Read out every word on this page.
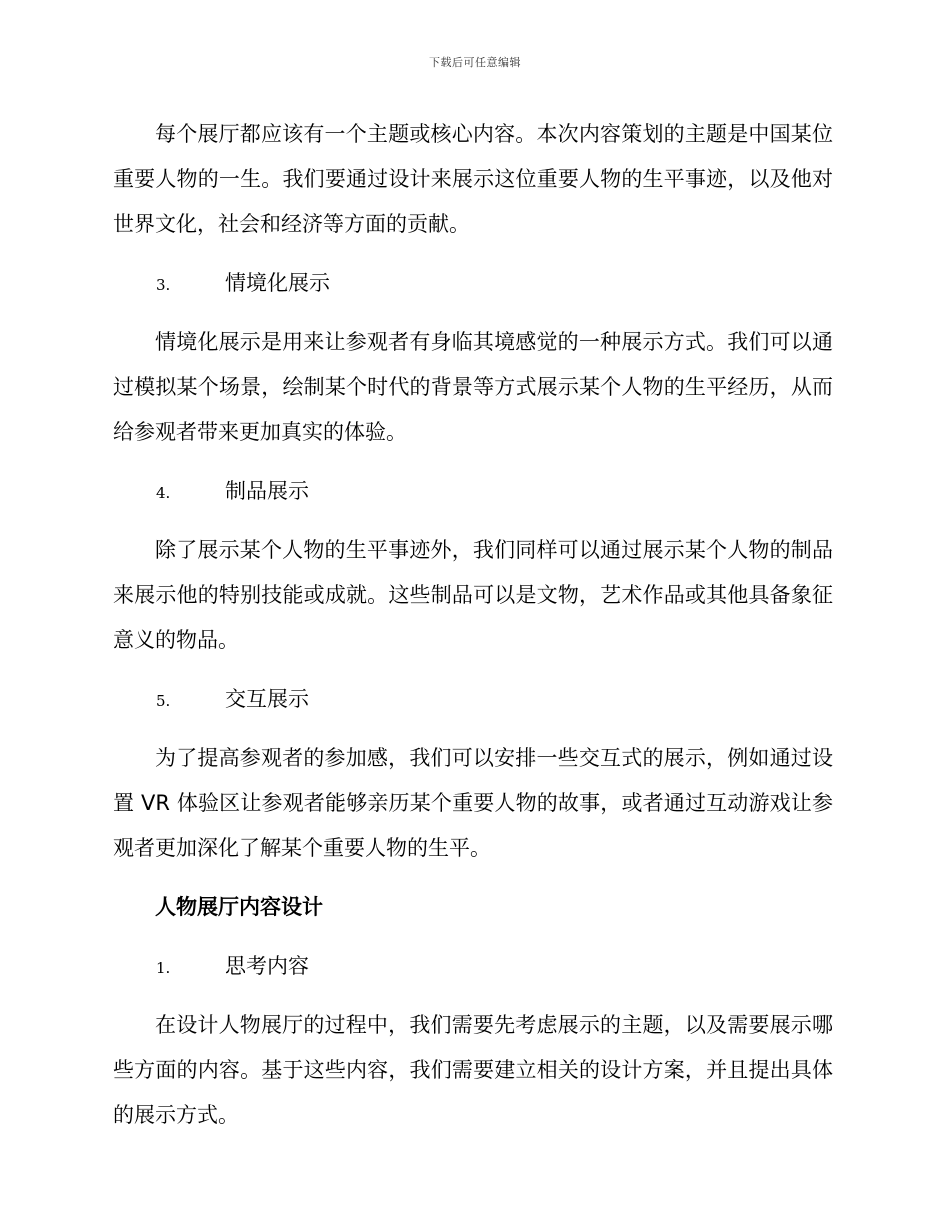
下载后可任意编辑

每个展厅都应该有一个主题或核心内容。本次内容策划的主题是中国某位重要人物的一生。我们要通过设计来展示这位重要人物的生平事迹，以及他对世界文化，社会和经济等方面的贡献。

3.	情境化展示

情境化展示是用来让参观者有身临其境感觉的一种展示方式。我们可以通过模拟某个场景，绘制某个时代的背景等方式展示某个人物的生平经历，从而给参观者带来更加真实的体验。

4.	制品展示

除了展示某个人物的生平事迹外，我们同样可以通过展示某个人物的制品来展示他的特别技能或成就。这些制品可以是文物，艺术作品或其他具备象征意义的物品。

5.	交互展示

为了提高参观者的参加感，我们可以安排一些交互式的展示，例如通过设置 VR 体验区让参观者能够亲历某个重要人物的故事，或者通过互动游戏让参观者更加深化了解某个重要人物的生平。

人物展厅内容设计
1.	思考内容

在设计人物展厅的过程中，我们需要先考虑展示的主题，以及需要展示哪些方面的内容。基于这些内容，我们需要建立相关的设计方案，并且提出具体的展示方式。
